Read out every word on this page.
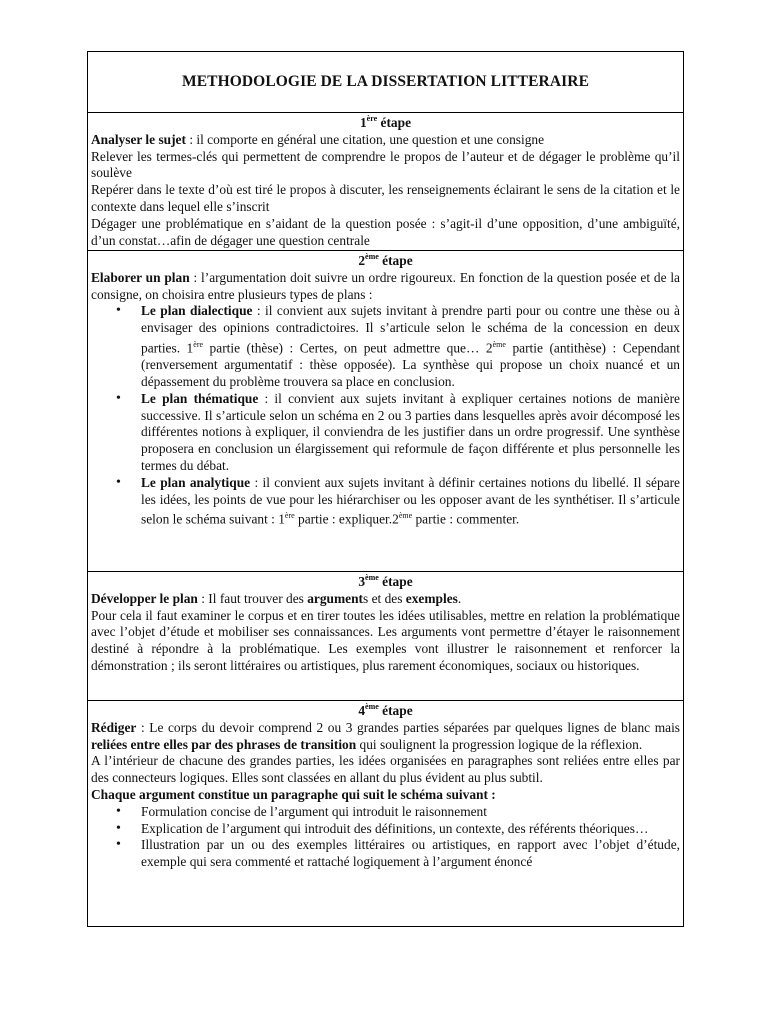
METHODOLOGIE DE LA DISSERTATION LITTERAIRE
1ère étape

Analyser le sujet : il comporte en général une citation, une question et une consigne

Relever les termes-clés qui permettent de comprendre le propos de l’auteur et de dégager le problème qu’il soulève

Repérer dans le texte d’où est tiré le propos à discuter, les renseignements éclairant le sens de la citation et le contexte dans lequel elle s’inscrit

Dégager une problématique en s’aidant de la question posée : s’agit-il d’une opposition, d’une ambiguïté, d’un constat…afin de dégager une question centrale

2ème étape

Elaborer un plan : l’argumentation doit suivre un ordre rigoureux. En fonction de la question posée et de la consigne, on choisira entre plusieurs types de plans :

• Le plan dialectique : il convient aux sujets invitant à prendre parti pour ou contre une thèse ou à envisager des opinions contradictoires. Il s’articule selon le schéma de la concession en deux parties. 1ère partie (thèse) : Certes, on peut admettre que… 2ème partie (antithèse) : Cependant (renversement argumentatif : thèse opposée). La synthèse qui propose un choix nuancé et un dépassement du problème trouvera sa place en conclusion.
• Le plan thématique : il convient aux sujets invitant à expliquer certaines notions de manière successive. Il s’articule selon un schéma en 2 ou 3 parties dans lesquelles après avoir décomposé les différentes notions à expliquer, il conviendra de les justifier dans un ordre progressif. Une synthèse proposera en conclusion un élargissement qui reformule de façon différente et plus personnelle les termes du débat.
• Le plan analytique : il convient aux sujets invitant à définir certaines notions du libellé. Il sépare les idées, les points de vue pour les hiérarchiser ou les opposer avant de les synthétiser. Il s’articule selon le schéma suivant : 1ère partie : expliquer.2ème partie : commenter.
3ème étape

Développer le plan : Il faut trouver des arguments et des exemples.

Pour cela il faut examiner le corpus et en tirer toutes les idées utilisables, mettre en relation la problématique avec l’objet d’étude et mobiliser ses connaissances. Les arguments vont permettre d’étayer le raisonnement destiné à répondre à la problématique. Les exemples vont illustrer le raisonnement et renforcer la démonstration ; ils seront littéraires ou artistiques, plus rarement économiques, sociaux ou historiques.

4ème étape

Rédiger : Le corps du devoir comprend 2 ou 3 grandes parties séparées par quelques lignes de blanc mais reliées entre elles par des phrases de transition qui soulignent la progression logique de la réflexion.

A l’intérieur de chacune des grandes parties, les idées organisées en paragraphes sont reliées entre elles par des connecteurs logiques. Elles sont classées en allant du plus évident au plus subtil.

Chaque argument constitue un paragraphe qui suit le schéma suivant :

• Formulation concise de l’argument qui introduit le raisonnement
• Explication de l’argument qui introduit des définitions, un contexte, des référents théoriques…
• Illustration par un ou des exemples littéraires ou artistiques, en rapport avec l’objet d’étude, exemple qui sera commenté et rattaché logiquement à l’argument énoncé
